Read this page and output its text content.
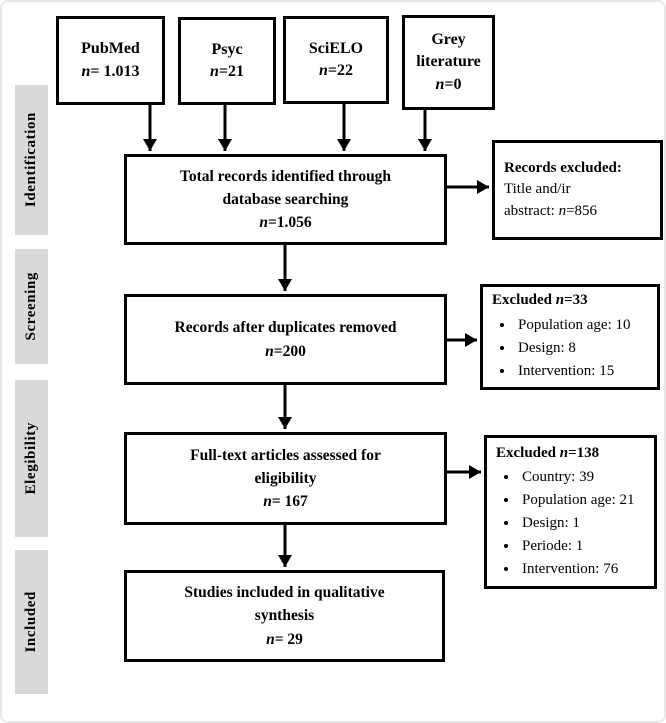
Identification
Screening
Elegibility
Included
PubMed
n= 1.013
Psyc
n=21
SciELO
n=22
Grey literature
n=0
Total records identified through
database searching
n=1.056
Records after duplicates removed
n=200
Full-text articles assessed for
eligibility
n= 167
Studies included in qualitative
synthesis
n= 29
Records excluded:
Title and/ir
abstract: n=856
Excluded n=33
• Population age: 10
• Design: 8
• Intervention: 15
Excluded n=138
• Country: 39
• Population age: 21
• Design: 1
• Periode: 1
• Intervention: 76
